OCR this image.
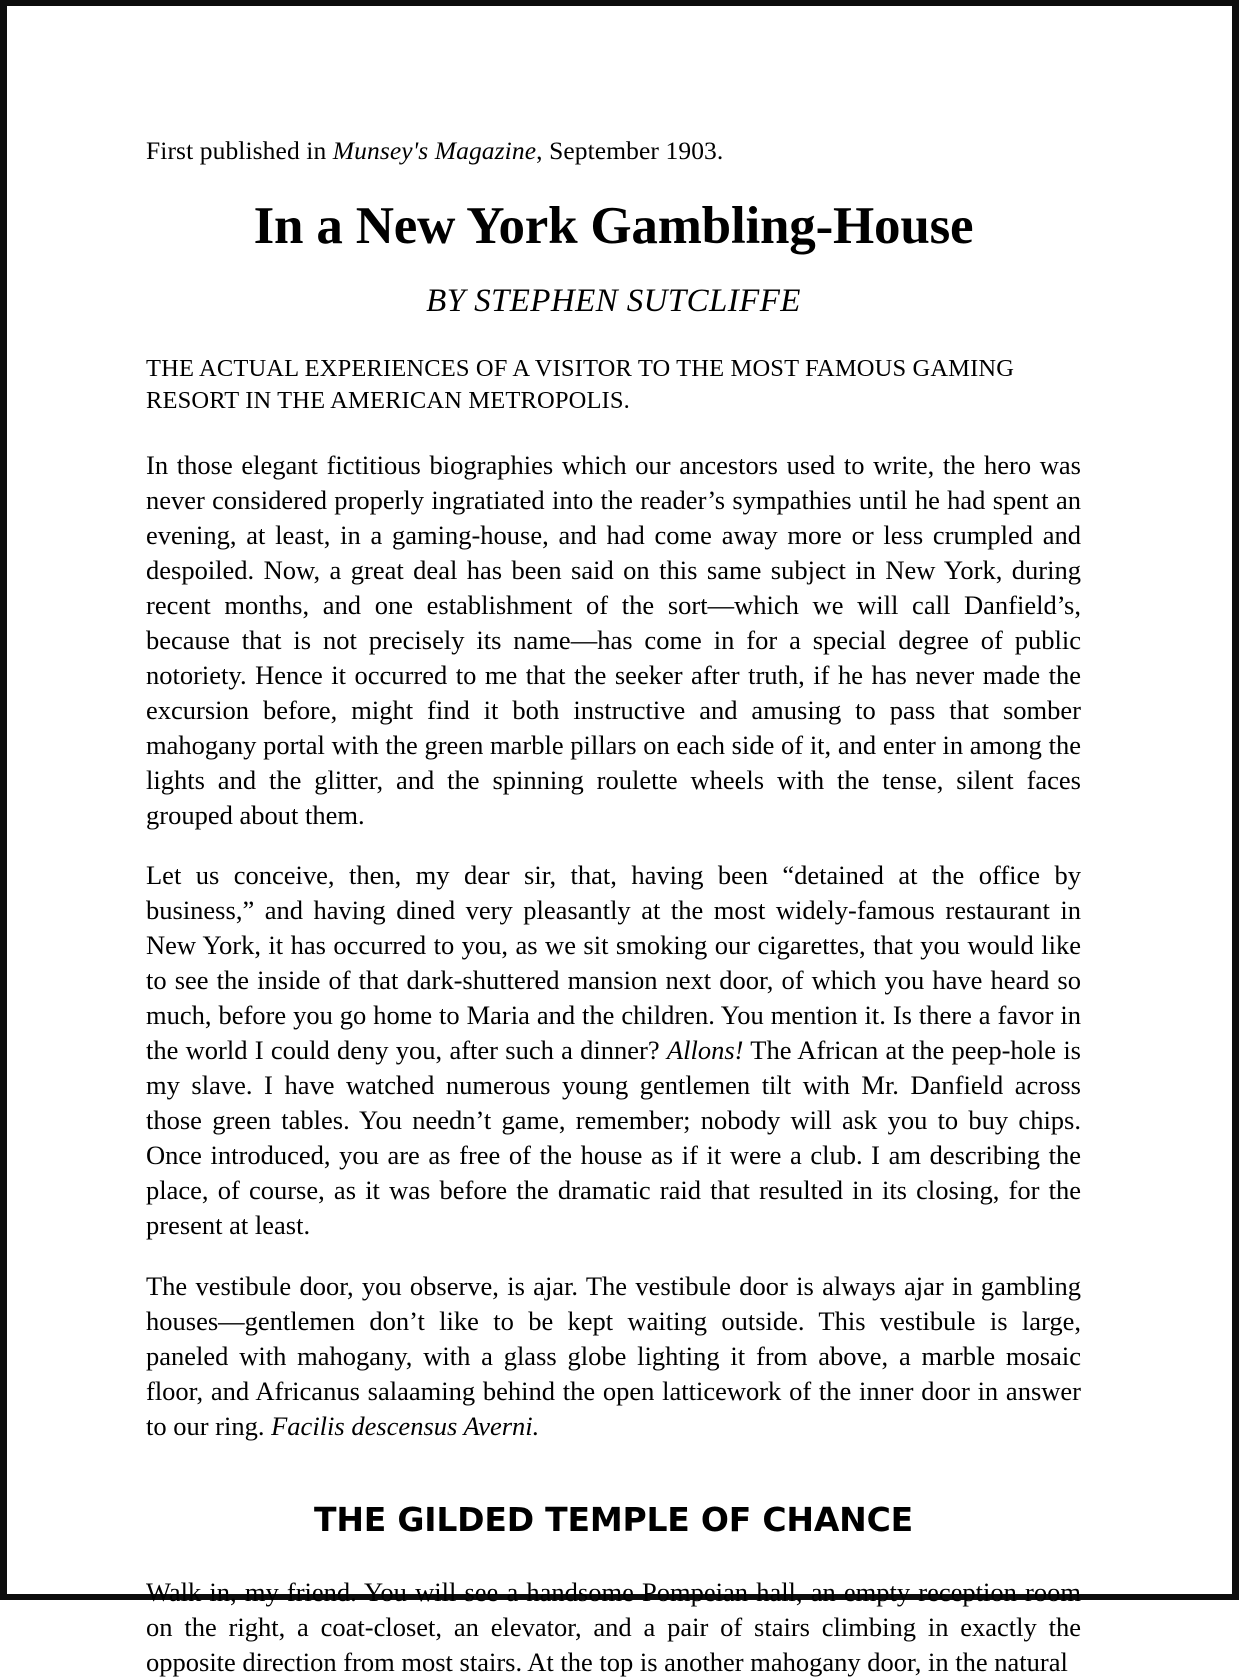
First published in Munsey's Magazine, September 1903.

In a New York Gambling-House
BY STEPHEN SUTCLIFFE
THE ACTUAL EXPERIENCES OF A VISITOR TO THE MOST FAMOUS GAMING
RESORT IN THE AMERICAN METROPOLIS.

In those elegant fictitious biographies which our ancestors used to write, the hero was never considered properly ingratiated into the reader’s sympathies until he had spent an evening, at least, in a gaming-house, and had come away more or less crumpled and despoiled. Now, a great deal has been said on this same subject in New York, during recent months, and one establishment of the sort—which we will call Danfield’s, because that is not precisely its name—has come in for a special degree of public notoriety. Hence it occurred to me that the seeker after truth, if he has never made the excursion before, might find it both instructive and amusing to pass that somber mahogany portal with the green marble pillars on each side of it, and enter in among the lights and the glitter, and the spinning roulette wheels with the tense, silent faces grouped about them.

Let us conceive, then, my dear sir, that, having been “detained at the office by business,” and having dined very pleasantly at the most widely-famous restaurant in New York, it has occurred to you, as we sit smoking our cigarettes, that you would like to see the inside of that dark-shuttered mansion next door, of which you have heard so much, before you go home to Maria and the children. You mention it. Is there a favor in the world I could deny you, after such a dinner? Allons! The African at the peep-hole is my slave. I have watched numerous young gentlemen tilt with Mr. Danfield across those green tables. You needn’t game, remember; nobody will ask you to buy chips. Once introduced, you are as free of the house as if it were a club. I am describing the place, of course, as it was before the dramatic raid that resulted in its closing, for the present at least.

The vestibule door, you observe, is ajar. The vestibule door is always ajar in gambling houses—gentlemen don’t like to be kept waiting outside. This vestibule is large, paneled with mahogany, with a glass globe lighting it from above, a marble mosaic floor, and Africanus salaaming behind the open latticework of the inner door in answer to our ring. Facilis descensus Averni.

THE GILDED TEMPLE OF CHANCE

Walk in, my friend. You will see a handsome Pompeian hall, an empty reception room on the right, a coat-closet, an elevator, and a pair of stairs climbing in exactly the opposite direction from most stairs. At the top is another mahogany door, in the natural
